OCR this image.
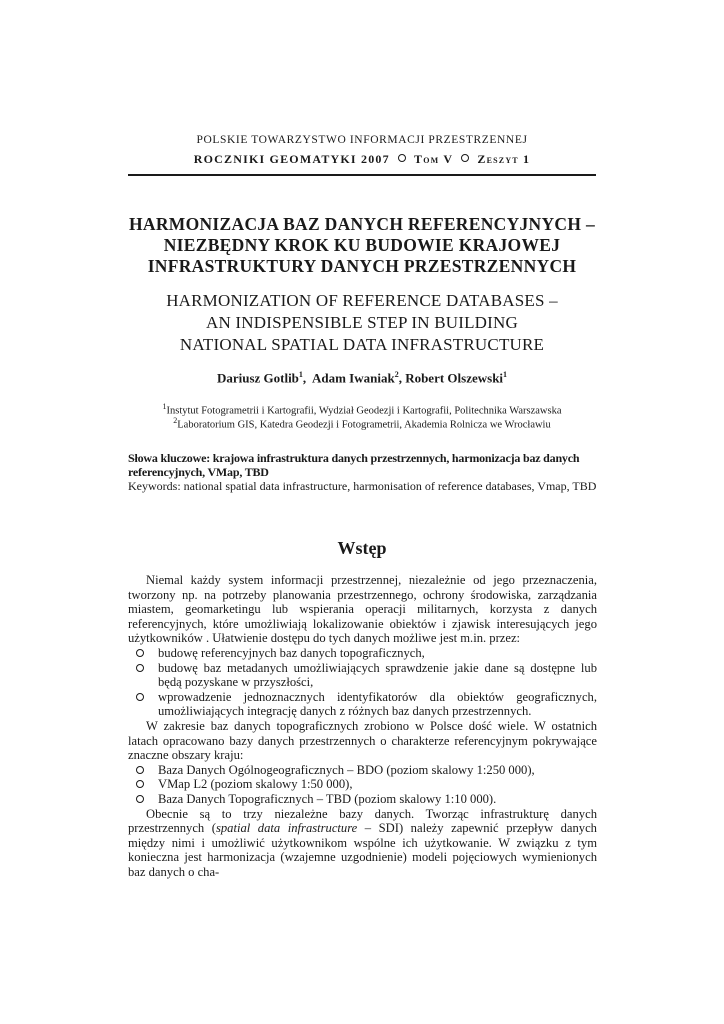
POLSKIE TOWARZYSTWO INFORMACJI PRZESTRZENNEJ
ROCZNIKI GEOMATYKI 2007 Tom V Zeszyt 1
HARMONIZACJA BAZ DANYCH REFERENCYJNYCH –
NIEZBĘDNY KROK KU BUDOWIE KRAJOWEJ
INFRASTRUKTURY DANYCH PRZESTRZENNYCH
HARMONIZATION OF REFERENCE DATABASES –
AN INDISPENSIBLE STEP IN BUILDING
NATIONAL SPATIAL DATA INFRASTRUCTURE
Dariusz Gotlib$^1$,  Adam Iwaniak$^2$, Robert Olszewski$^1$
$^1$Instytut Fotogrametrii i Kartografii, Wydział Geodezji i Kartografii, Politechnika Warszawska
$^2$Laboratorium GIS, Katedra Geodezji i Fotogrametrii, Akademia Rolnicza we Wrocławiu
Słowa kluczowe: krajowa infrastruktura danych przestrzennych, harmonizacja baz danych referencyjnych, VMap, TBD
Keywords: national spatial data infrastructure, harmonisation of reference databases, Vmap, TBD
Wstęp

Niemal każdy system informacji przestrzennej, niezależnie od jego przeznaczenia, tworzony np. na potrzeby planowania przestrzennego, ochrony środowiska, zarządzania miastem, geomarketingu lub wspierania operacji militarnych, korzysta z danych referencyjnych, które umożliwiają lokalizowanie obiektów i zjawisk interesujących jego użytkowników . Ułatwienie dostępu do tych danych możliwe jest m.in. przez:

budowę referencyjnych baz danych topograficznych,
budowę baz metadanych umożliwiających sprawdzenie jakie dane są dostępne lub będą pozyskane w przyszłości,
wprowadzenie jednoznacznych identyfikatorów dla obiektów geograficznych, umożliwiających integrację danych z różnych baz danych przestrzennych.

W zakresie baz danych topograficznych zrobiono w Polsce dość wiele. W ostatnich latach opracowano bazy danych przestrzennych o charakterze referencyjnym pokrywające znaczne obszary kraju:

Baza Danych Ogólnogeograficznych – BDO (poziom skalowy 1:250 000),
VMap L2 (poziom skalowy 1:50 000),
Baza Danych Topograficznych – TBD (poziom skalowy 1:10 000).

Obecnie są to trzy niezależne bazy danych. Tworząc infrastrukturę danych przestrzennych (spatial data infrastructure – SDI) należy zapewnić przepływ danych między nimi i umożliwić użytkownikom wspólne ich użytkowanie. W związku z tym konieczna jest harmonizacja (wzajemne uzgodnienie) modeli pojęciowych wymienionych baz danych o cha-
